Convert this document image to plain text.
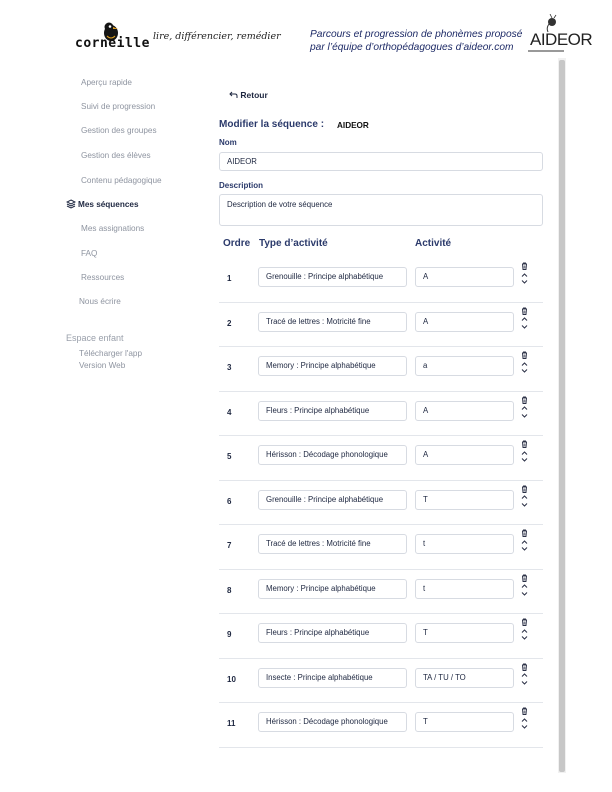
corneille lire, différencier, remédier	Parcours et progression de phonèmes proposé
par l’équipe d’orthopédagogues d’aideor.com AIDEOR
Aperçu rapide
Suivi de progression
Gestion des groupes
Gestion des élèves
Contenu pédagogique
Mes séquences
Mes assignations
FAQ
Ressources
Nous écrire
Espace enfant
Télécharger l'app
Version Web
Retour
Modifier la séquence : AIDEOR
Nom
AIDEOR
Description
Description de votre séquence
Ordre Type d’activité	Activité
1	Grenouille : Principe alphabétique	A
2	Tracé de lettres : Motricité fine	A
3	Memory : Principe alphabétique	a
4	Fleurs : Principe alphabétique	A
5	Hérisson : Décodage phonologique	A
6	Grenouille : Principe alphabétique	T
7	Tracé de lettres : Motricité fine	t
8	Memory : Principe alphabétique	t
9	Fleurs : Principe alphabétique	T
10	Insecte : Principe alphabétique	TA / TU / TO
11	Hérisson : Décodage phonologique	T
